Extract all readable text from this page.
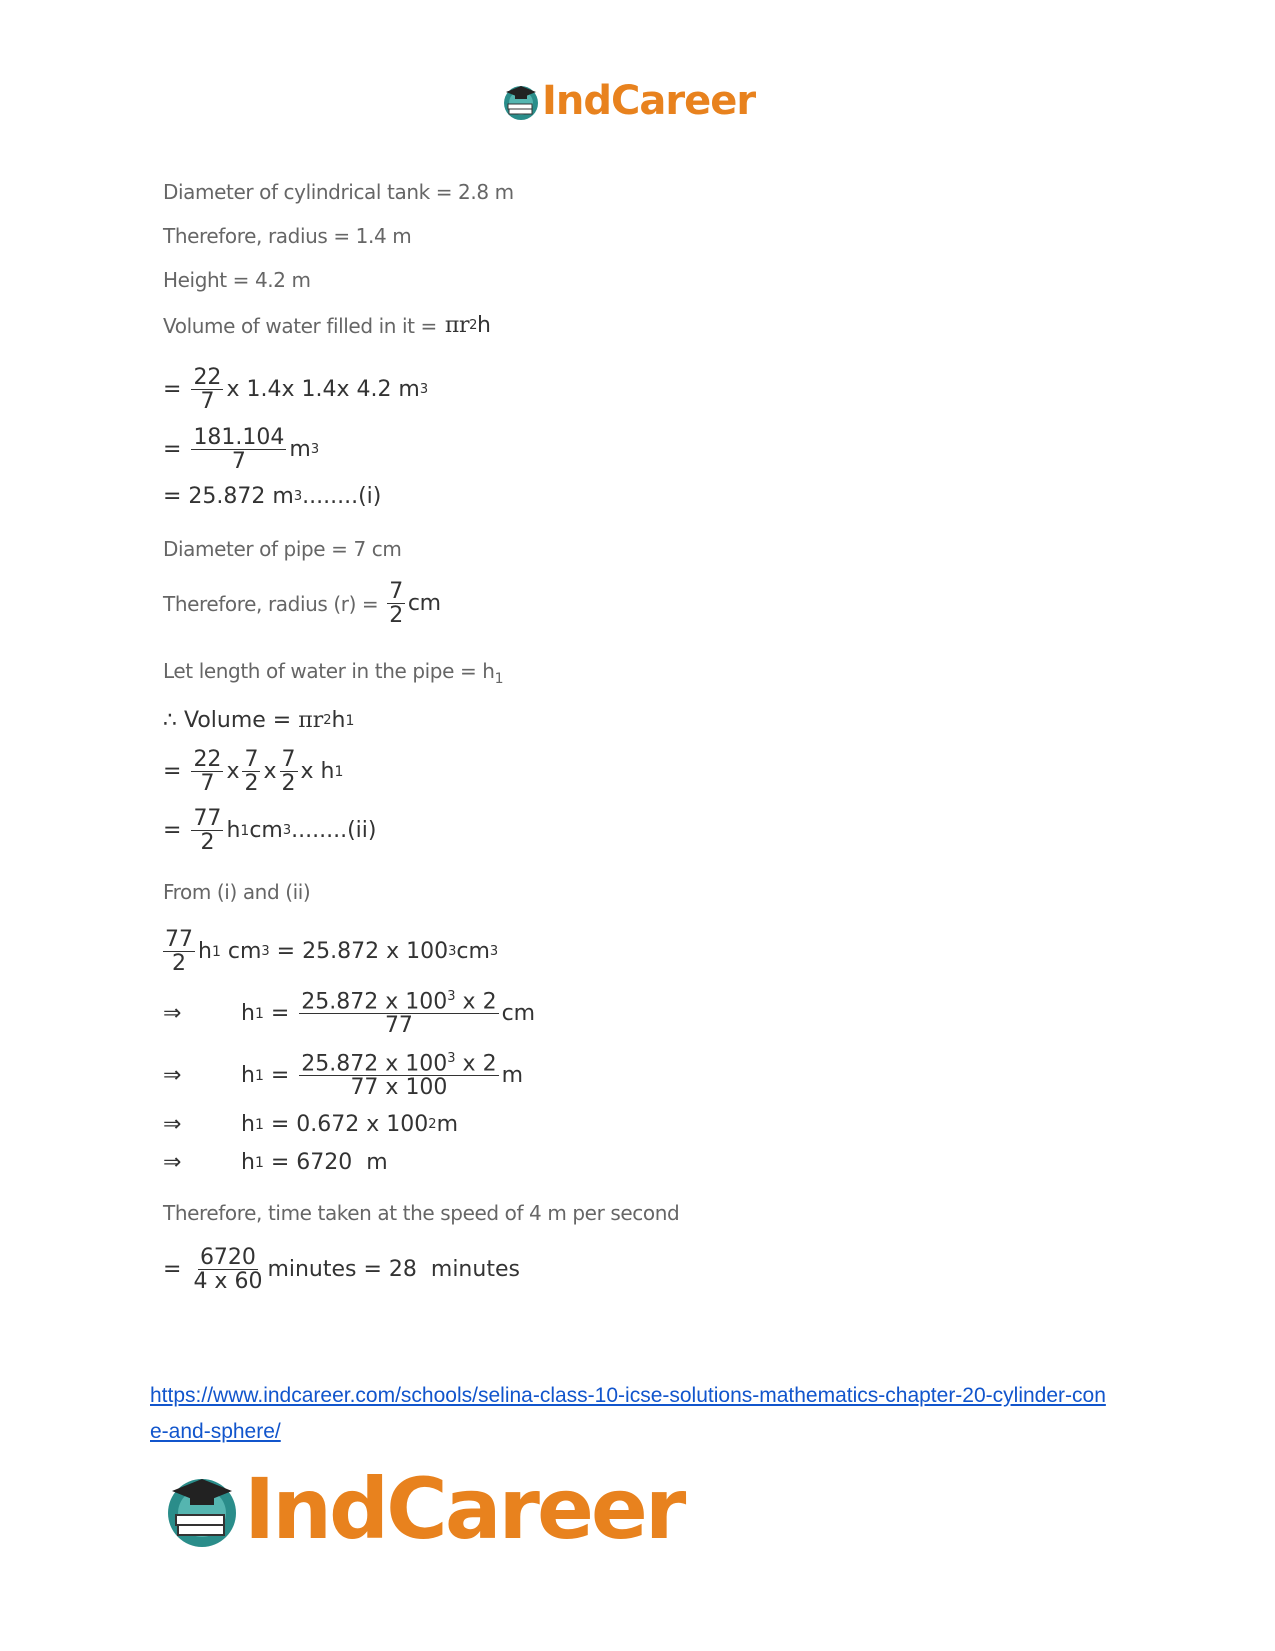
IndCareer
Diameter of cylindrical tank = 2.8 m
Therefore, radius = 1.4 m
Height = 4.2 m
Volume of water filled in it = πr 2 h
= $\frac{22}{7}$ x 1.4x 1.4x 4.2 m 3
= $\frac{181.104}{7}$ m 3
= 25.872 m 3 ........(i)
Diameter of pipe = 7 cm
Therefore, radius $(r) = \frac{7}{2}$ cm
Let length of water in the pipe = $h_1$
∴ Volume = πr 2 h 1
= $\frac{22}{7}$ x $\frac{7}{2}$ x $\frac{7}{2}$ x h 1
= $\frac{77}{2}$ h 1 cm 3 ........(ii)
From (i) and (ii)
$\frac{77}{2}$ h 1 cm 3 = 25.872 x 100 3 cm 3
⇒	h $1 = \frac{25.872 x 100^3 x 2}{77}$ cm
⇒	h $1 = \frac{25.872 x 100^3 x 2}{77 x 100}$ m
⇒	h 1 = 0.672 x 100 2 m
⇒	h 1 = 6720  m
Therefore, time taken at the speed of 4 m per second
= $\frac{6720}{4 x 60}$ minutes = 28  minutes
https://www.indcareer.com/schools/selina-class-10-icse-solutions-mathematics-chapter-20-cylinder-cone-and-sphere/
IndCareer
